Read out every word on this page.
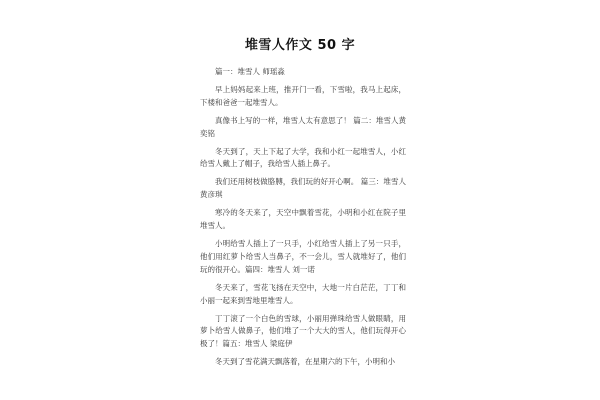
堆雪人作文 50 字

篇一：堆雪人 师瑶淼

早上妈妈起来上班，推开门一看，下雪啦，我马上起床，下楼和爸爸一起堆雪人。

真像书上写的一样，堆雪人太有意思了！ 篇二：堆雪人黄奕铭

冬天到了，天上下起了大学，我和小红一起堆雪人，小红给雪人戴上了帽子，我给雪人插上鼻子。

我们还用树枝做胳膊，我们玩的好开心啊。 篇三：堆雪人 黄彦琪

寒冷的冬天来了，天空中飘着雪花，小明和小红在院子里堆雪人。

小明给雪人插上了一只手，小红给雪人插上了另一只手，他们用红萝卜给雪人当鼻子，不一会儿，雪人就堆好了，他们玩的很开心。篇四：堆雪人 刘一诺

冬天来了，雪花飞扬在天空中，大地一片白茫茫，丁丁和小丽一起来到雪地里堆雪人。

丁丁滚了一个白色的雪球，小丽用弹珠给雪人做眼睛，用萝卜给雪人做鼻子，他们堆了一个大大的雪人，他们玩得开心极了！篇五：堆雪人 梁庭伊

冬天到了雪花满天飘落着，在星期六的下午，小明和小
